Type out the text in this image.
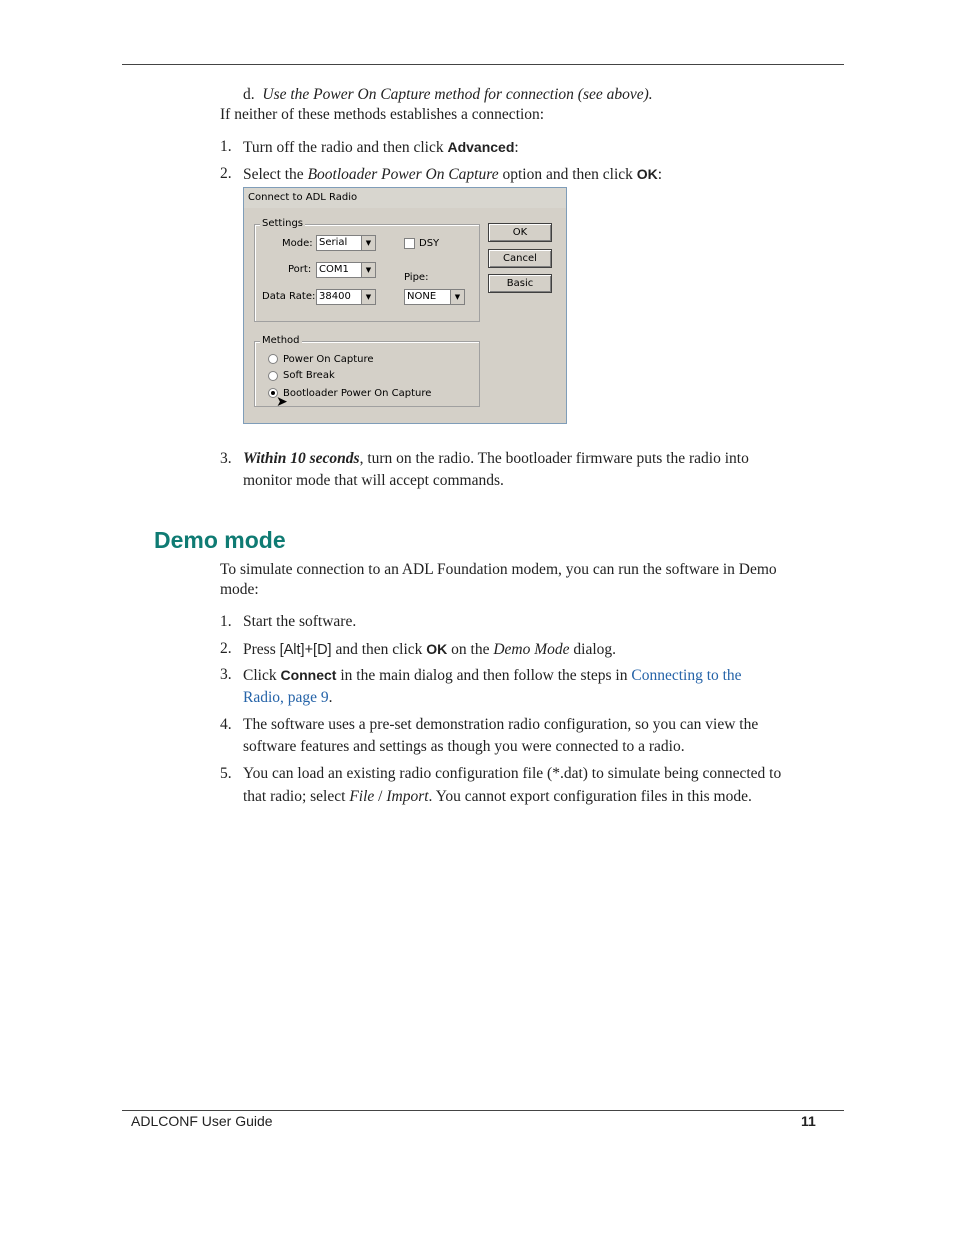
d. Use the Power On Capture method for connection (see above).
If neither of these methods establishes a connection:
1. Turn off the radio and then click Advanced:
2. Select the Bootloader Power On Capture option and then click OK:
Connect to ADL Radio
Settings
Mode: Serial	▼	DSY
Port: COM1	▼
Pipe:
NONE	▼
Data Rate: 38400	▼
Method
Power On Capture
Soft Break
Bootloader Power On Capture
➤
OK
Cancel
Basic
3. Within 10 seconds, turn on the radio. The bootloader firmware puts the radio into
monitor mode that will accept commands.
Demo mode
To simulate connection to an ADL Foundation modem, you can run the software in Demo
mode:
1. Start the software.
2. Press [Alt]+[D] and then click OK on the Demo Mode dialog.
3. Click Connect in the main dialog and then follow the steps in Connecting to the
Radio, page 9.
4. The software uses a pre-set demonstration radio configuration, so you can view the
software features and settings as though you were connected to a radio.
5. You can load an existing radio configuration file (*.dat) to simulate being connected to
that radio; select File / Import. You cannot export configuration files in this mode.
ADLCONF User Guide	11
